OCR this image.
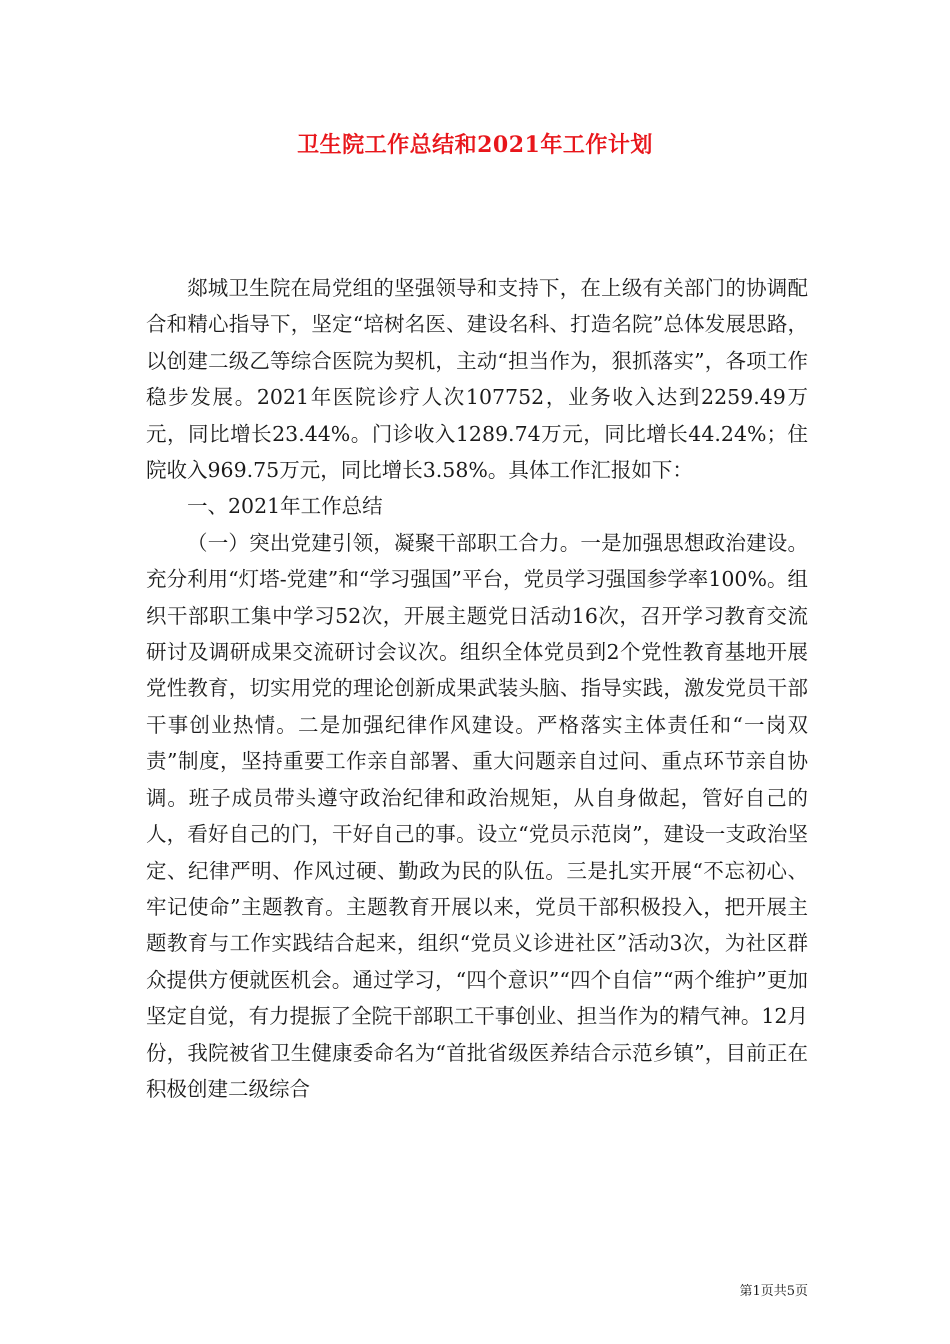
卫生院工作总结和2021年工作计划

郯城卫生院在局党组的坚强领导和支持下，在上级有关部门的协调配合和精心指导下，坚定“培树名医、建设名科、打造名院”总体发展思路，以创建二级乙等综合医院为契机，主动“担当作为，狠抓落实”，各项工作稳步发展。2021年医院诊疗人次107752，业务收入达到2259.49万元，同比增长23.44%。门诊收入1289.74万元，同比增长44.24%；住院收入969.75万元，同比增长3.58%。具体工作汇报如下：

一、2021年工作总结

（一）突出党建引领，凝聚干部职工合力。一是加强思想政治建设。充分利用“灯塔-党建”和“学习强国”平台，党员学习强国参学率100%。组织干部职工集中学习52次，开展主题党日活动16次，召开学习教育交流研讨及调研成果交流研讨会议次。组织全体党员到2个党性教育基地开展党性教育，切实用党的理论创新成果武装头脑、指导实践，激发党员干部干事创业热情。二是加强纪律作风建设。严格落实主体责任和“一岗双责”制度，坚持重要工作亲自部署、重大问题亲自过问、重点环节亲自协调。班子成员带头遵守政治纪律和政治规矩，从自身做起，管好自己的人，看好自己的门，干好自己的事。设立“党员示范岗”，建设一支政治坚定、纪律严明、作风过硬、勤政为民的队伍。三是扎实开展“不忘初心、牢记使命”主题教育。主题教育开展以来，党员干部积极投入，把开展主题教育与工作实践结合起来，组织“党员义诊进社区”活动3次，为社区群众提供方便就医机会。通过学习，“四个意识”“四个自信”“两个维护”更加坚定自觉，有力提振了全院干部职工干事创业、担当作为的精气神。12月份，我院被省卫生健康委命名为“首批省级医养结合示范乡镇”，目前正在积极创建二级综合

第1页共5页
